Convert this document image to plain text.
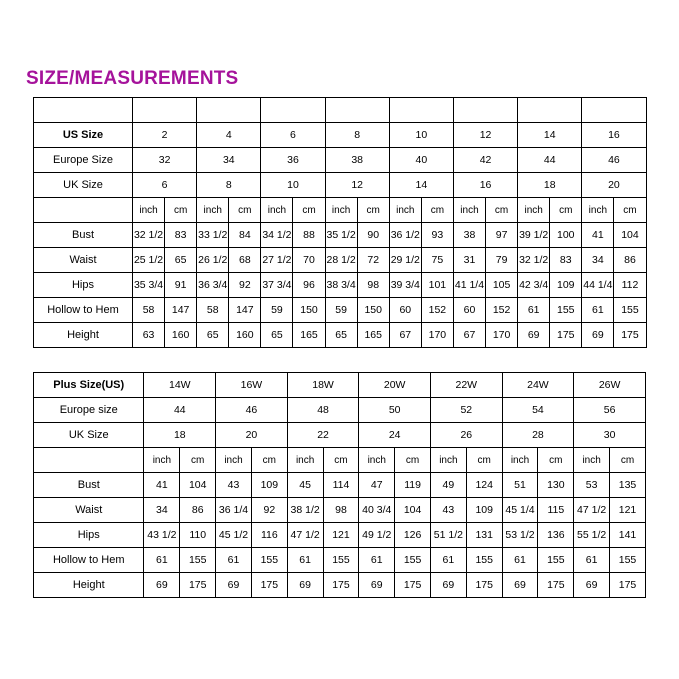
SIZE/MEASUREMENTS

US Size	2		4		6		8		10		12		14		16	
Europe Size	32		34		36		38		40		42		44		46	
UK Size	6		8		10		12		14		16		18		20	
	inch	cm	inch	cm	inch	cm	inch	cm	inch	cm	inch	cm	inch	cm	inch	cm
Bust	32 1/2	83	33 1/2	84	34 1/2	88	35 1/2	90	36 1/2	93	38	97	39 1/2	100	41	104
Waist	25 1/2	65	26 1/2	68	27 1/2	70	28 1/2	72	29 1/2	75	31	79	32 1/2	83	34	86
Hips	35 3/4	91	36 3/4	92	37 3/4	96	38 3/4	98	39 3/4	101	41 1/4	105	42 3/4	109	44 1/4	112
Hollow to Hem	58	147	58	147	59	150	59	150	60	152	60	152	61	155	61	155
Height	63	160	65	160	65	165	65	165	67	170	67	170	69	175	69	175
Plus Size(US)	14W		16W		18W		20W		22W		24W		26W	
Europe size	44		46		48		50		52		54		56	
UK Size	18		20		22		24		26		28		30	
	inch	cm	inch	cm	inch	cm	inch	cm	inch	cm	inch	cm	inch	cm
Bust	41	104	43	109	45	114	47	119	49	124	51	130	53	135
Waist	34	86	36 1/4	92	38 1/2	98	40 3/4	104	43	109	45 1/4	115	47 1/2	121
Hips	43 1/2	110	45 1/2	116	47 1/2	121	49 1/2	126	51 1/2	131	53 1/2	136	55 1/2	141
Hollow to Hem	61	155	61	155	61	155	61	155	61	155	61	155	61	155
Height	69	175	69	175	69	175	69	175	69	175	69	175	69	175
